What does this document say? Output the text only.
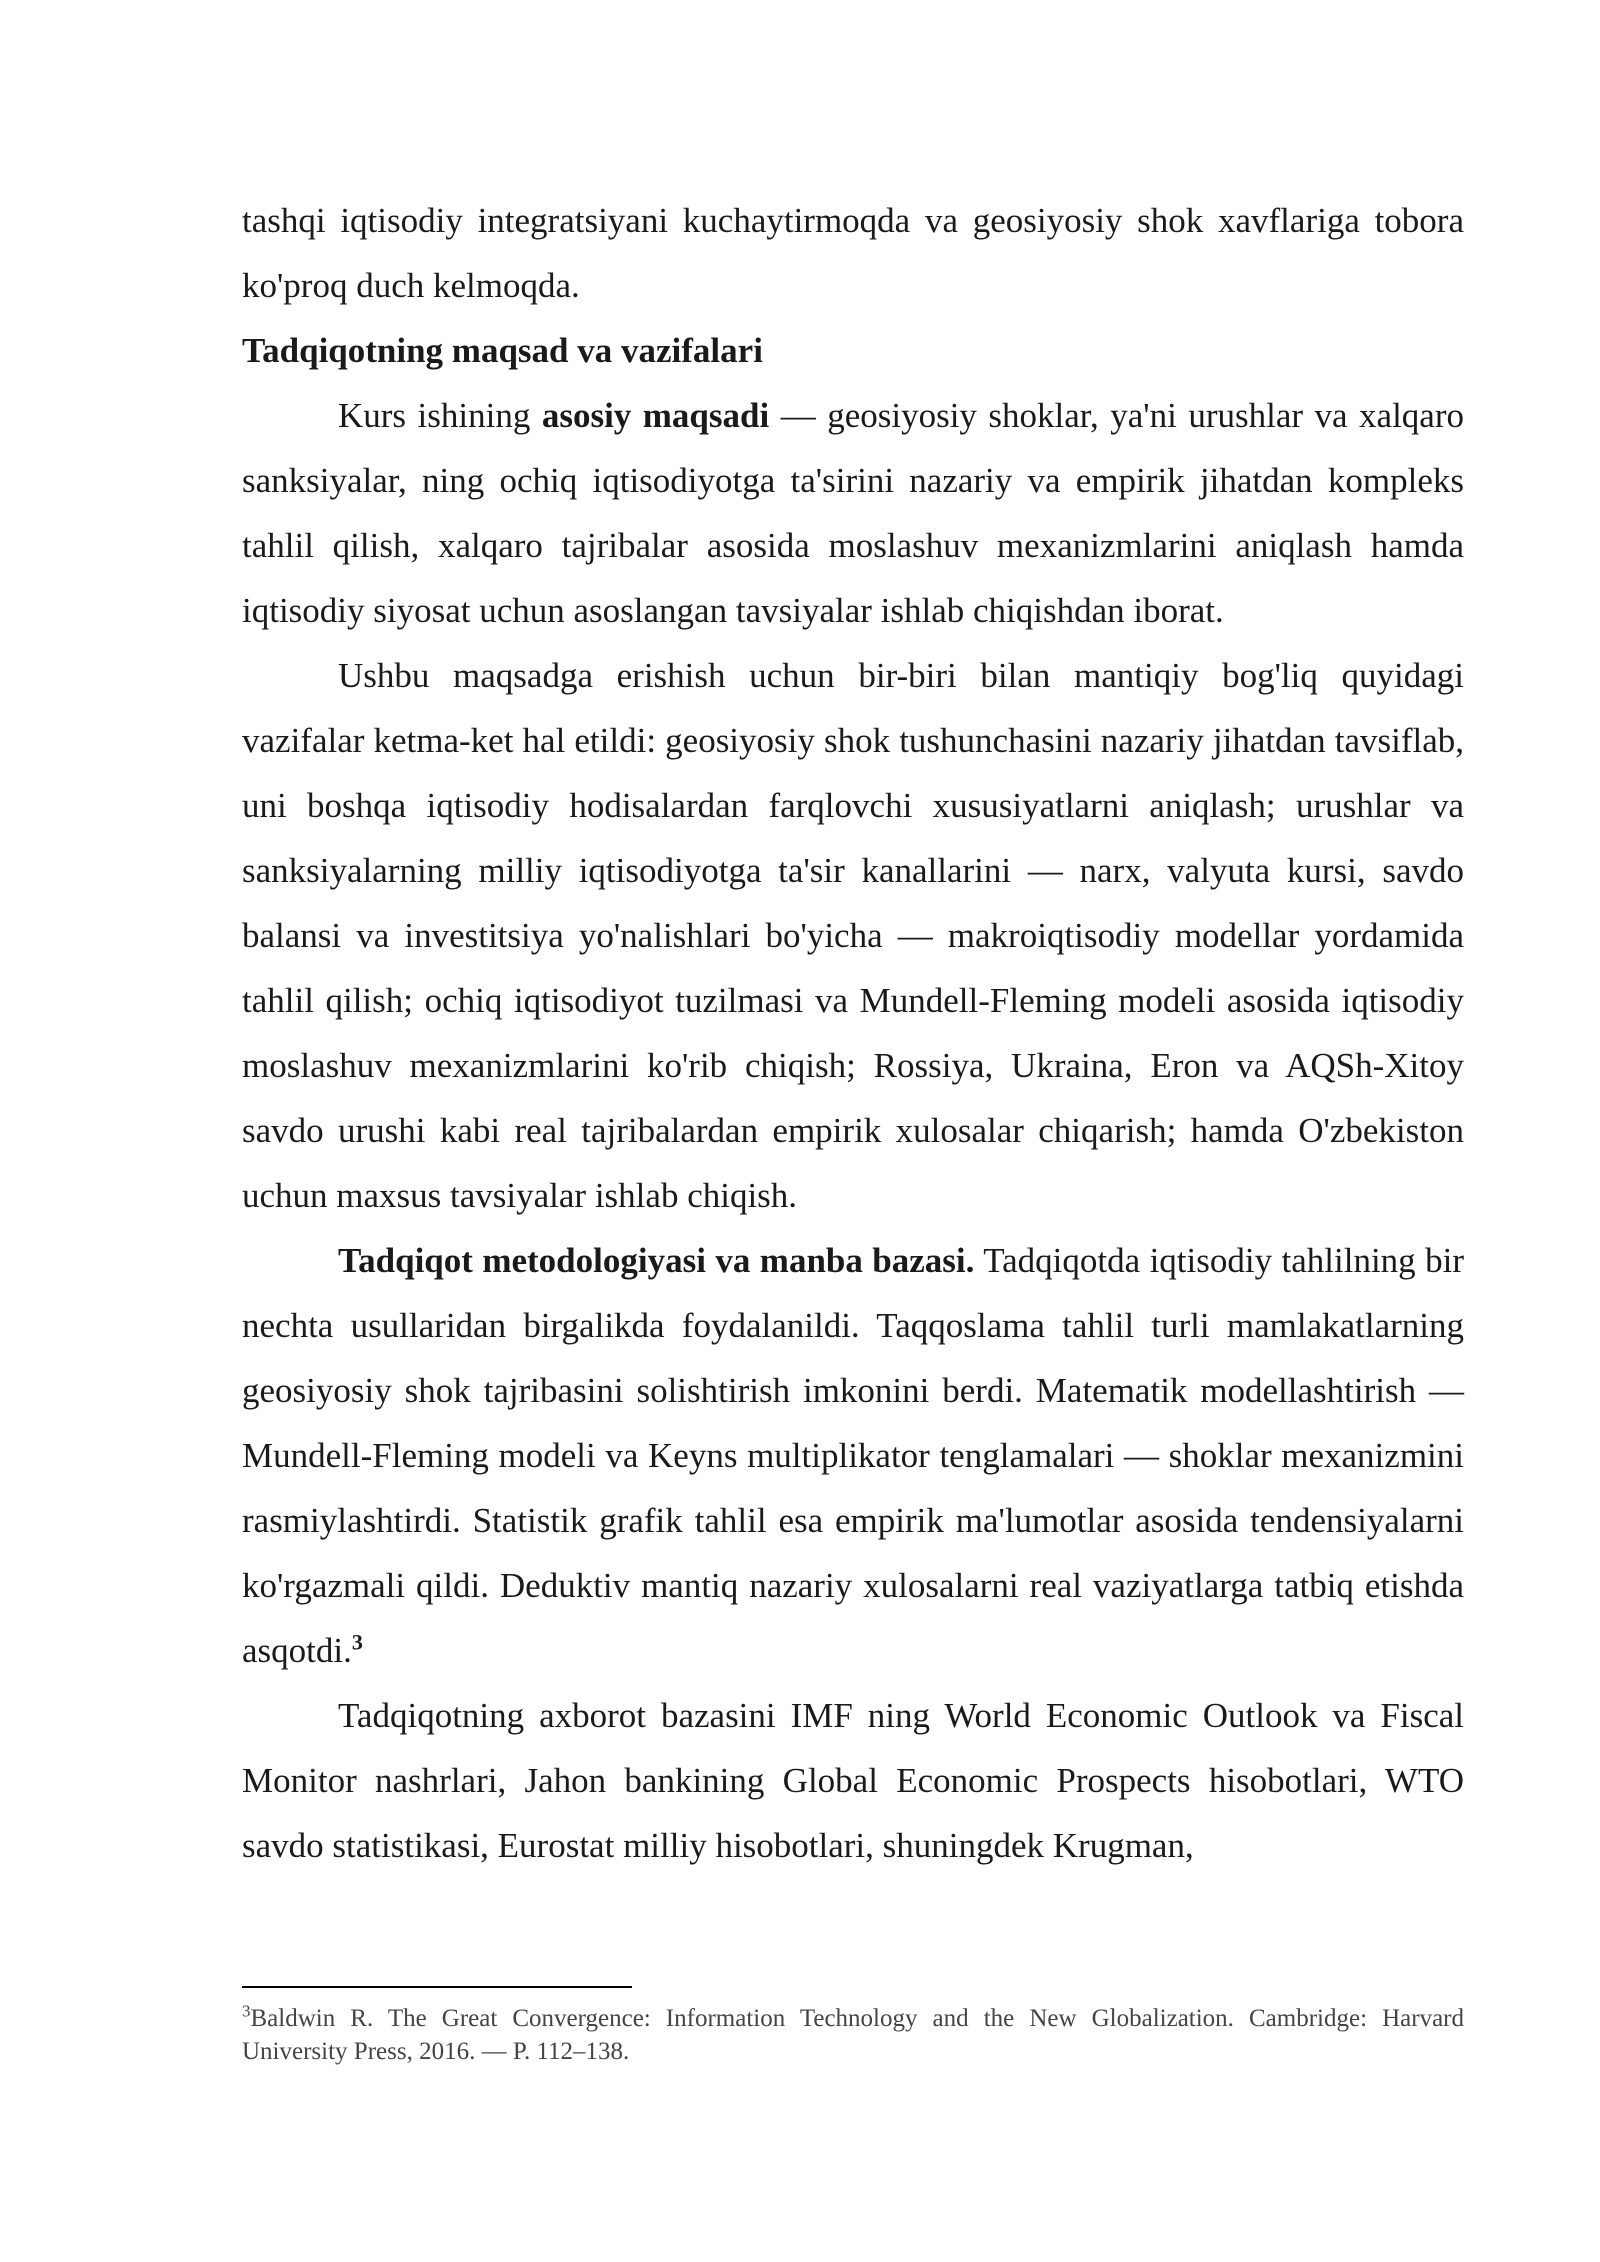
tashqi iqtisodiy integratsiyani kuchaytirmoqda va geosiyosiy shok xavflariga tobora ko'proq duch kelmoqda.

Tadqiqotning maqsad va vazifalari

Kurs ishining asosiy maqsadi — geosiyosiy shoklar, ya'ni urushlar va xalqaro sanksiyalar, ning ochiq iqtisodiyotga ta'sirini nazariy va empirik jihatdan kompleks tahlil qilish, xalqaro tajribalar asosida moslashuv mexanizmlarini aniqlash hamda iqtisodiy siyosat uchun asoslangan tavsiyalar ishlab chiqishdan iborat.

Ushbu maqsadga erishish uchun bir-biri bilan mantiqiy bog'liq quyidagi vazifalar ketma-ket hal etildi: geosiyosiy shok tushunchasini nazariy jihatdan tavsiflab, uni boshqa iqtisodiy hodisalardan farqlovchi xususiyatlarni aniqlash; urushlar va sanksiyalarning milliy iqtisodiyotga ta'sir kanallarini — narx, valyuta kursi, savdo balansi va investitsiya yo'nalishlari bo'yicha — makroiqtisodiy modellar yordamida tahlil qilish; ochiq iqtisodiyot tuzilmasi va Mundell-Fleming modeli asosida iqtisodiy moslashuv mexanizmlarini ko'rib chiqish; Rossiya, Ukraina, Eron va AQSh-Xitoy savdo urushi kabi real tajribalardan empirik xulosalar chiqarish; hamda O'zbekiston uchun maxsus tavsiyalar ishlab chiqish.

Tadqiqot metodologiyasi va manba bazasi. Tadqiqotda iqtisodiy tahlilning bir nechta usullaridan birgalikda foydalanildi. Taqqoslama tahlil turli mamlakatlarning geosiyosiy shok tajribasini solishtirish imkonini berdi. Matematik modellashtirish — Mundell-Fleming modeli va Keyns multiplikator tenglamalari — shoklar mexanizmini rasmiylashtirdi. Statistik grafik tahlil esa empirik ma'lumotlar asosida tendensiyalarni ko'rgazmali qildi. Deduktiv mantiq nazariy xulosalarni real vaziyatlarga tatbiq etishda asqotdi.$^3$

Tadqiqotning axborot bazasini IMF ning World Economic Outlook va Fiscal Monitor nashrlari, Jahon bankining Global Economic Prospects hisobotlari, WTO savdo statistikasi, Eurostat milliy hisobotlari, shuningdek Krugman,

$^3$Baldwin R. The Great Convergence: Information Technology and the New Globalization. Cambridge: Harvard University Press, 2016. — P. 112–138.
